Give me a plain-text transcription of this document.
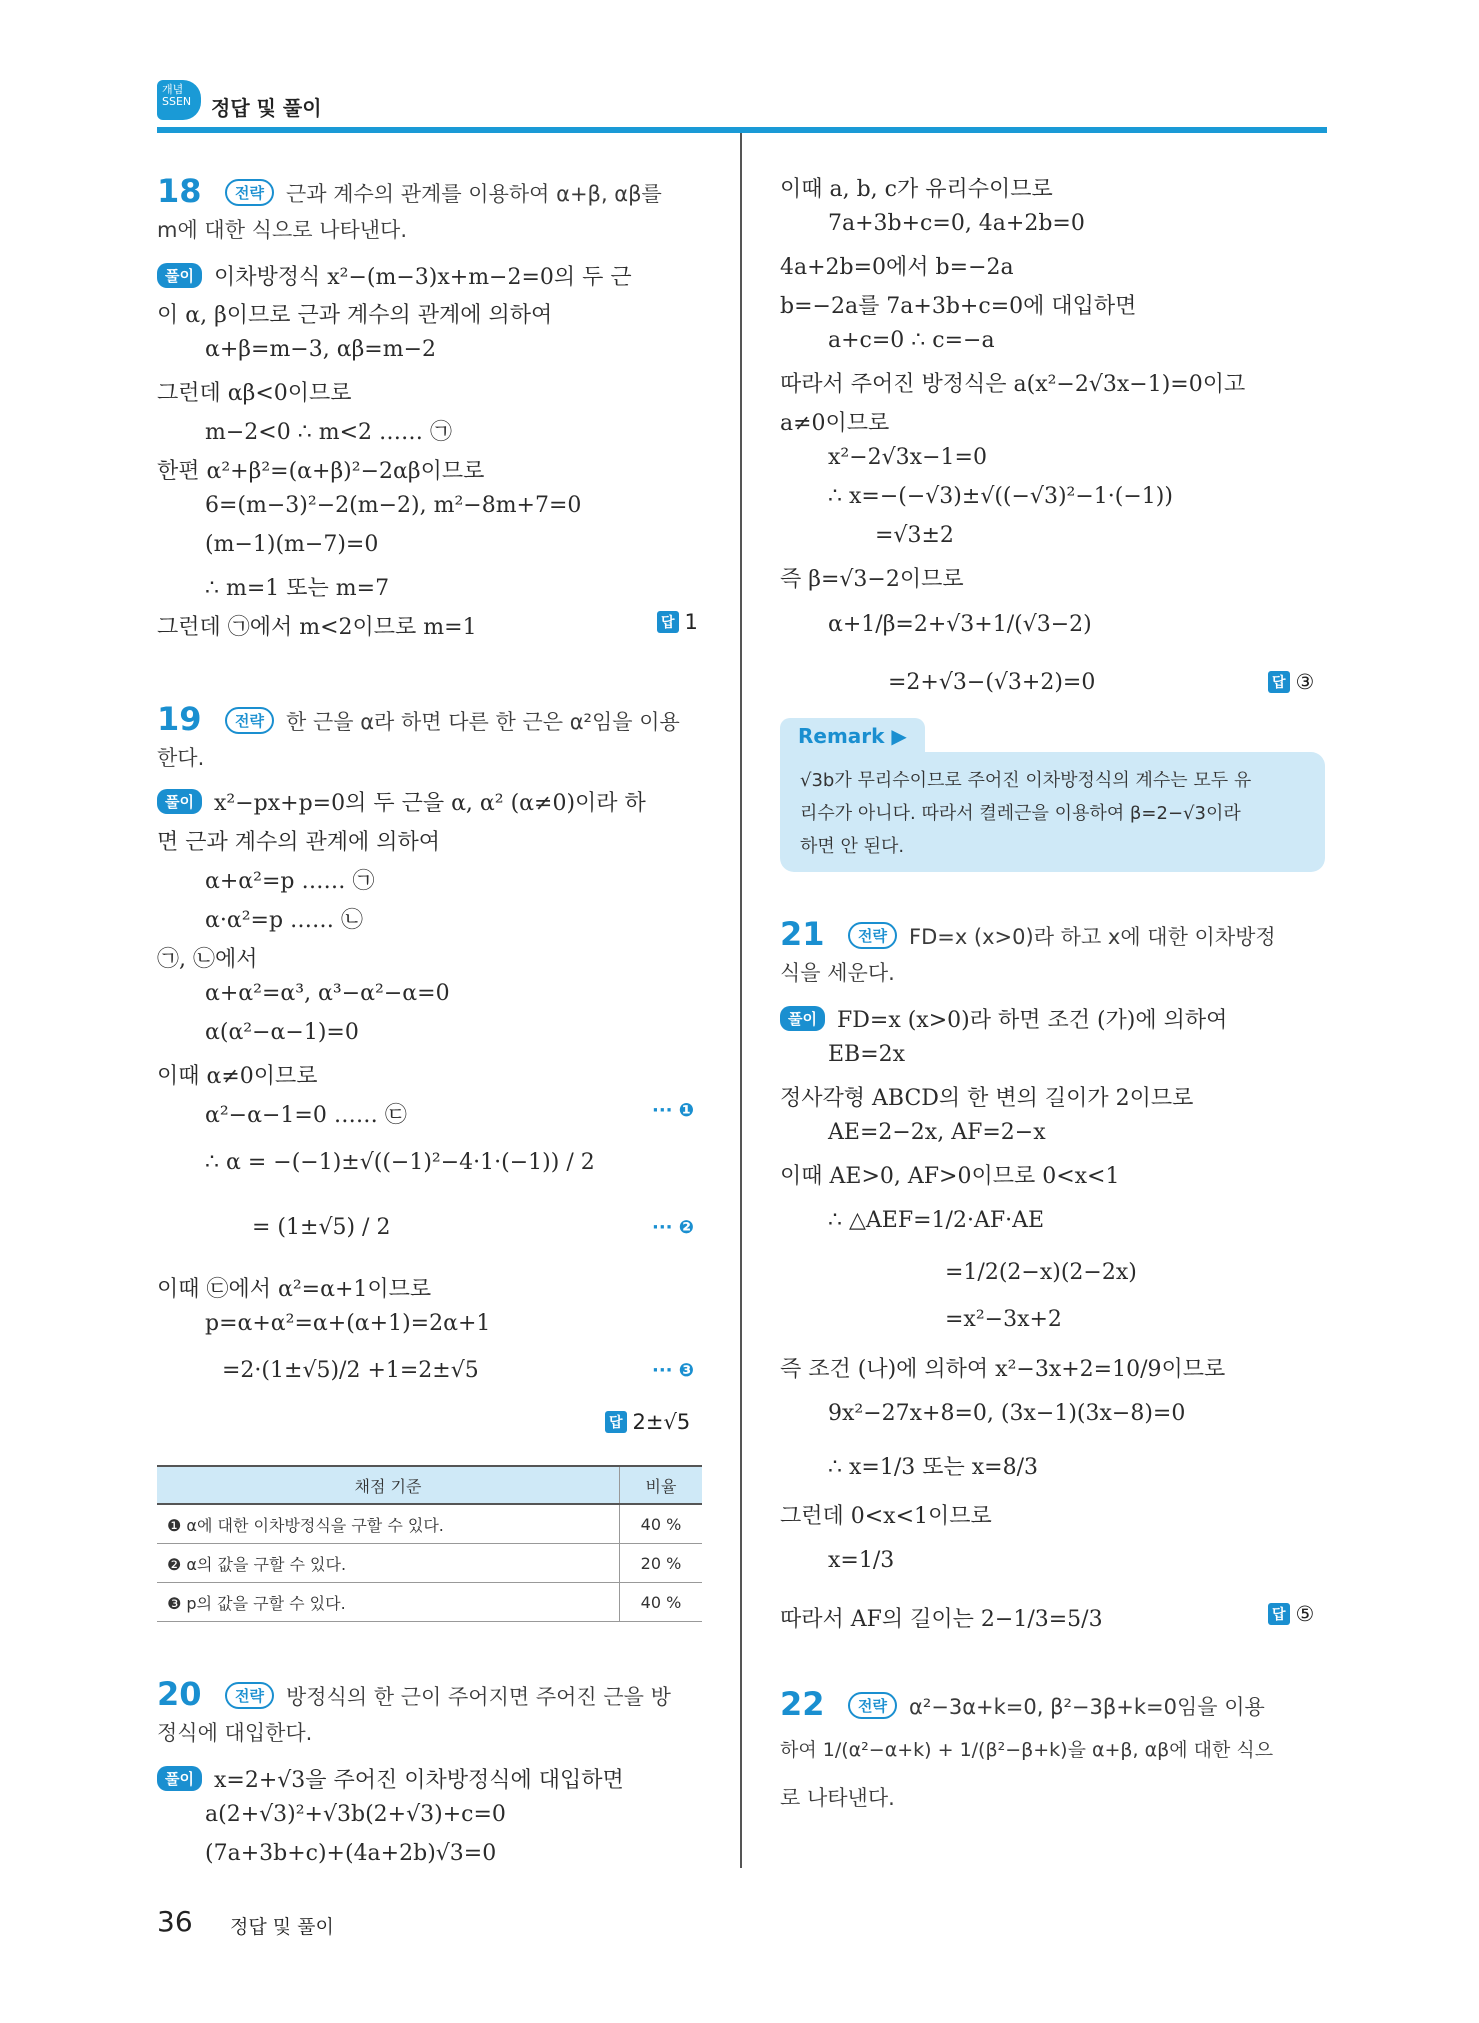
개념
SSEN 정답 및 풀이
18	전략 근과 계수의 관계를 이용하여 α+β, αβ를
m에 대한 식으로 나타낸다.
풀이 이차방정식 x²−(m−3)x+m−2=0의 두 근
이 α, β이므로 근과 계수의 관계에 의하여
α+β=m−3, αβ=m−2
그런데 αβ<0이므로
m−2<0 ∴ m<2 …… ㉠
한편 α²+β²=(α+β)²−2αβ이므로
6=(m−3)²−2(m−2), m²−8m+7=0
(m−1)(m−7)=0
∴ m=1 또는 m=7
그런데 ㉠에서 m<2이므로 m=1	답 1
19	전략 한 근을 α라 하면 다른 한 근은 α²임을 이용
한다.
풀이 x²−px+p=0의 두 근을 α, α² (α≠0)이라 하
면 근과 계수의 관계에 의하여
α+α²=p …… ㉠
α·α²=p …… ㉡
㉠, ㉡에서
α+α²=α³, α³−α²−α=0
α(α²−α−1)=0
이때 α≠0이므로
α²−α−1=0 …… ㉢	··· ❶
∴ α = −(−1)±√((−1)²−4·1·(−1)) / 2
= (1±√5) / 2	··· ❷
이때 ㉢에서 α²=α+1이므로
p=α+α²=α+(α+1)=2α+1
=2·(1±√5)/2 +1=2±√5	··· ❸
답 2±√5
채점 기준	비율
❶ α에 대한 이차방정식을 구할 수 있다.	40 %
❷ α의 값을 구할 수 있다.	20 %
❸ p의 값을 구할 수 있다.	40 %
20	전략 방정식의 한 근이 주어지면 주어진 근을 방
정식에 대입한다.
풀이 x=2+√3을 주어진 이차방정식에 대입하면
a(2+√3)²+√3b(2+√3)+c=0
(7a+3b+c)+(4a+2b)√3=0
이때 a, b, c가 유리수이므로
7a+3b+c=0, 4a+2b=0
4a+2b=0에서 b=−2a
b=−2a를 7a+3b+c=0에 대입하면
a+c=0 ∴ c=−a
따라서 주어진 방정식은 a(x²−2√3x−1)=0이고
a≠0이므로
x²−2√3x−1=0
∴ x=−(−√3)±√((−√3)²−1·(−1))
=√3±2
즉 β=√3−2이므로
α+1/β=2+√3+1/(√3−2)
=2+√3−(√3+2)=0	답 ③
Remark ▶
√3b가 무리수이므로 주어진 이차방정식의 계수는 모두 유
리수가 아니다. 따라서 켤레근을 이용하여 β=2−√3이라
하면 안 된다.
21	전략 FD=x (x>0)라 하고 x에 대한 이차방정
식을 세운다.
풀이 FD=x (x>0)라 하면 조건 (가)에 의하여
EB=2x
정사각형 ABCD의 한 변의 길이가 2이므로
AE=2−2x, AF=2−x
이때 AE>0, AF>0이므로 0<x<1
∴ △AEF=1/2·AF·AE
=1/2(2−x)(2−2x)
=x²−3x+2
즉 조건 (나)에 의하여 x²−3x+2=10/9이므로
9x²−27x+8=0, (3x−1)(3x−8)=0
∴ x=1/3 또는 x=8/3
그런데 0<x<1이므로
x=1/3
따라서 AF의 길이는 2−1/3=5/3	답 ⑤
22	전략 α²−3α+k=0, β²−3β+k=0임을 이용
하여 1/(α²−α+k) + 1/(β²−β+k)을 α+β, αβ에 대한 식으
로 나타낸다.
36 정답 및 풀이
